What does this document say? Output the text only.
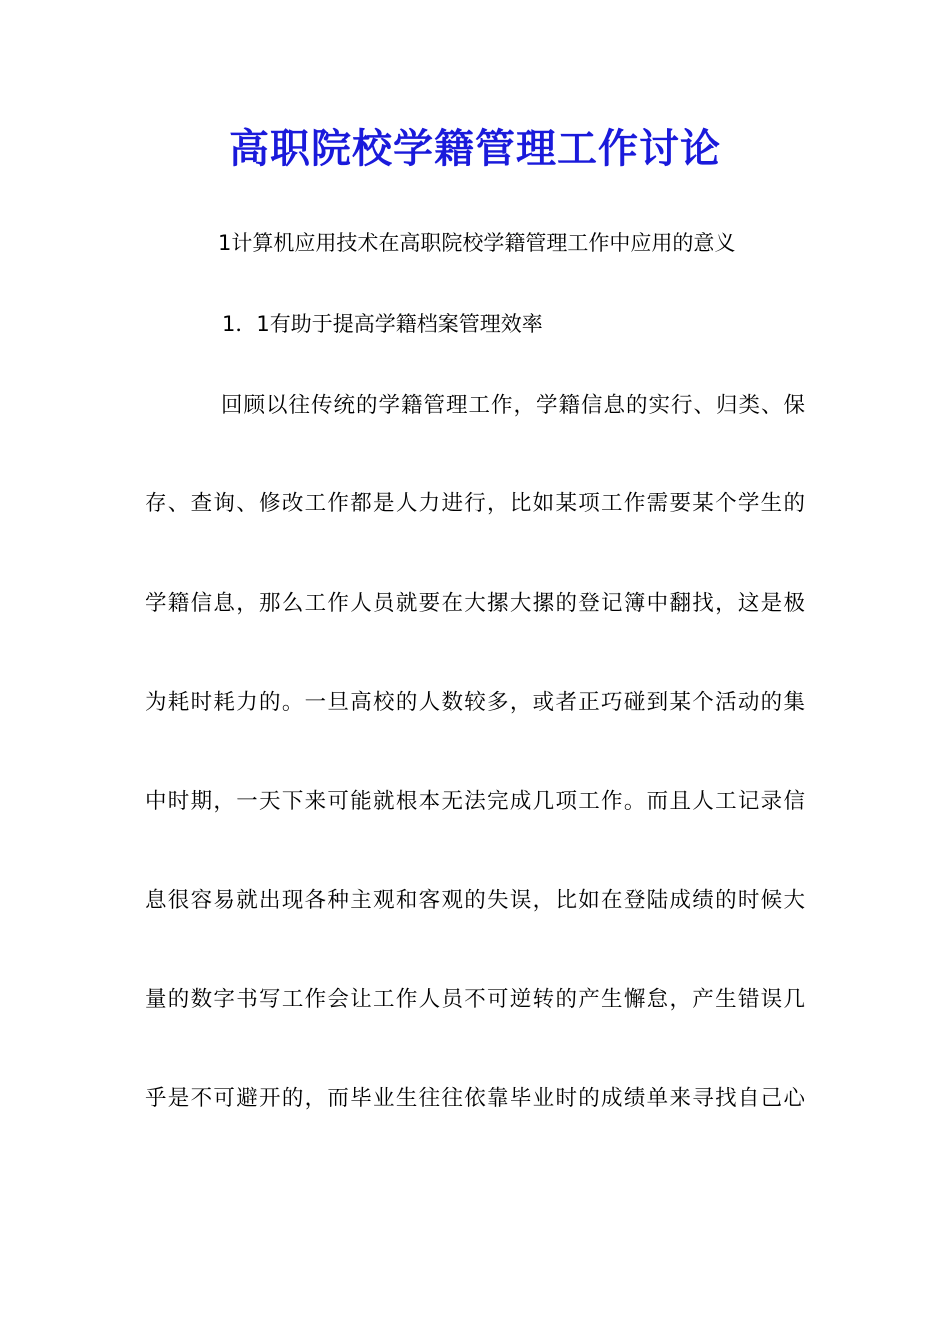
高职院校学籍管理工作讨论

1计算机应用技术在高职院校学籍管理工作中应用的意义

1．1有助于提高学籍档案管理效率

回顾以往传统的学籍管理工作，学籍信息的实行、归类、保

存、查询、修改工作都是人力进行，比如某项工作需要某个学生的

学籍信息，那么工作人员就要在大摞大摞的登记簿中翻找，这是极

为耗时耗力的。一旦高校的人数较多，或者正巧碰到某个活动的集

中时期，一天下来可能就根本无法完成几项工作。而且人工记录信

息很容易就出现各种主观和客观的失误，比如在登陆成绩的时候大

量的数字书写工作会让工作人员不可逆转的产生懈怠，产生错误几

乎是不可避开的，而毕业生往往依靠毕业时的成绩单来寻找自己心
